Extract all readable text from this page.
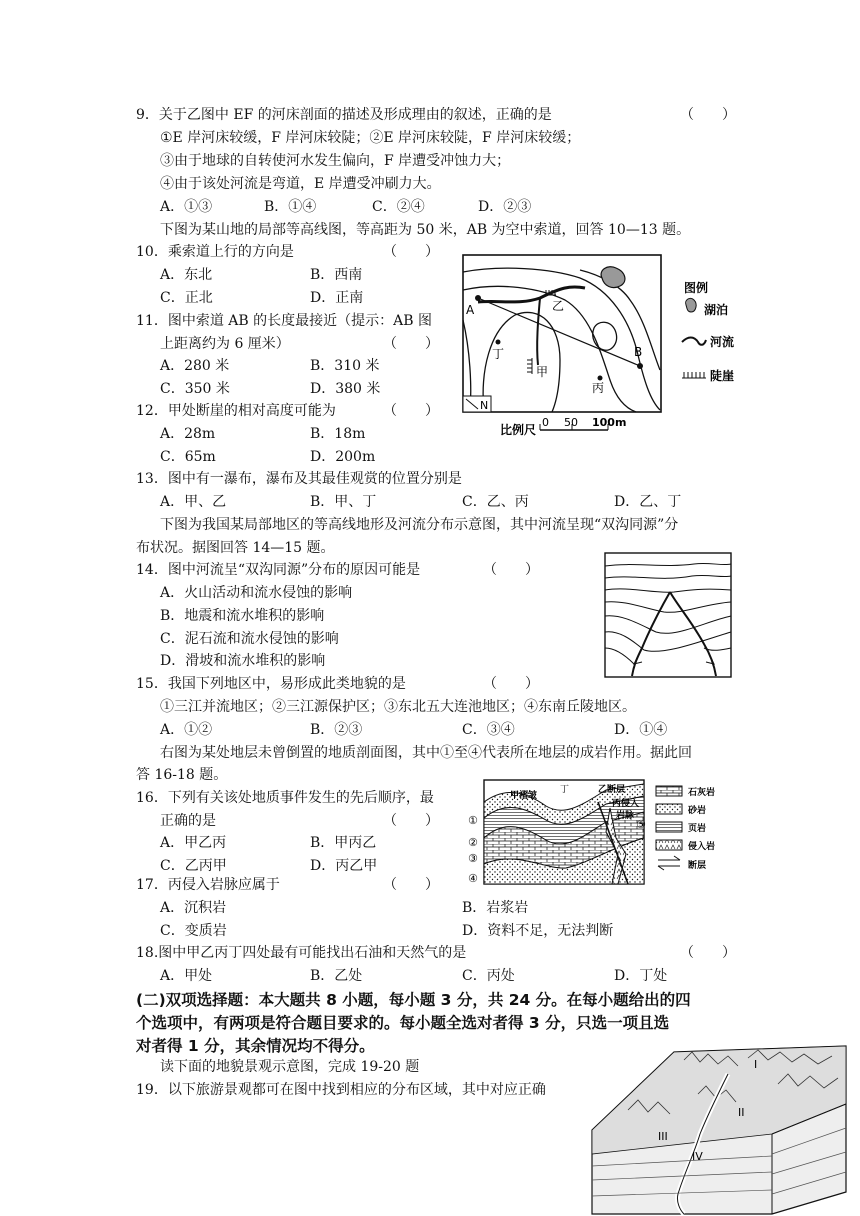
9．关于乙图中 EF 的河床剖面的描述及形成理由的叙述，正确的是	（　　）
①E 岸河床较缓，F 岸河床较陡；②E 岸河床较陡，F 岸河床较缓；
③由于地球的自转使河水发生偏向，F 岸遭受冲蚀力大；
④由于该处河流是弯道，E 岸遭受冲刷力大。
A．①③	B．①④	C．②④	D．②③
下图为某山地的局部等高线图，等高距为 50 米，AB 为空中索道，回答 10—13 题。
10．乘索道上行的方向是	（　　）
A．东北	B．西南
C．正北	D．正南
11．图中索道 AB 的长度最接近（提示：AB 图
上距离约为 6 厘米）	（　　）
A．280 米	B．310 米
C．350 米	D．380 米
12．甲处断崖的相对高度可能为	（　　）
A．28m	B．18m
C．65m	D．200m
A
B
甲
乙
丙
丁
N
图例
湖泊
河流
陡崖
比例尺
0 50 100m
13．图中有一瀑布，瀑布及其最佳观赏的位置分别是
A．甲、乙	B．甲、丁	C．乙、丙	D．乙、丁
下图为我国某局部地区的等高线地形及河流分布示意图，其中河流呈现“双沟同源”分
布状况。据图回答 14—15 题。
14．图中河流呈“双沟同源”分布的原因可能是	（　　）
A．火山活动和流水侵蚀的影响
B．地震和流水堆积的影响
C．泥石流和流水侵蚀的影响
D．滑坡和流水堆积的影响
15．我国下列地区中，易形成此类地貌的是	（　　）
①三江并流地区；②三江源保护区；③东北五大连池地区；④东南丘陵地区。
A．①②	B．②③	C．③④	D．①④
右图为某处地层未曾倒置的地质剖面图，其中①至④代表所在地层的成岩作用。据此回
答 16-18 题。
16．下列有关该处地质事件发生的先后顺序，最
正确的是	（　　）
A．甲乙丙	B．甲丙乙
C．乙丙甲	D．丙乙甲
①
②
③
④
⑤
甲褶皱
丁	乙断层
丙侵入
岩脉
石灰岩
砂岩
页岩
侵入岩
断层
17．丙侵入岩脉应属于	（　　）
A．沉积岩	B．岩浆岩
C．变质岩	D．资料不足，无法判断
18.图中甲乙丙丁四处最有可能找出石油和天然气的是	（　　）
A．甲处	B．乙处	C．丙处	D．丁处
(二)双项选择题：本大题共 8 小题，每小题 3 分，共 24 分。在每小题给出的四
个选项中，有两项是符合题目要求的。每小题全选对者得 3 分，只选一项且选
对者得 1 分，其余情况均不得分。
读下面的地貌景观示意图，完成 19-20 题
19．以下旅游景观都可在图中找到相应的分布区域，其中对应正确
I
II
III
IV
